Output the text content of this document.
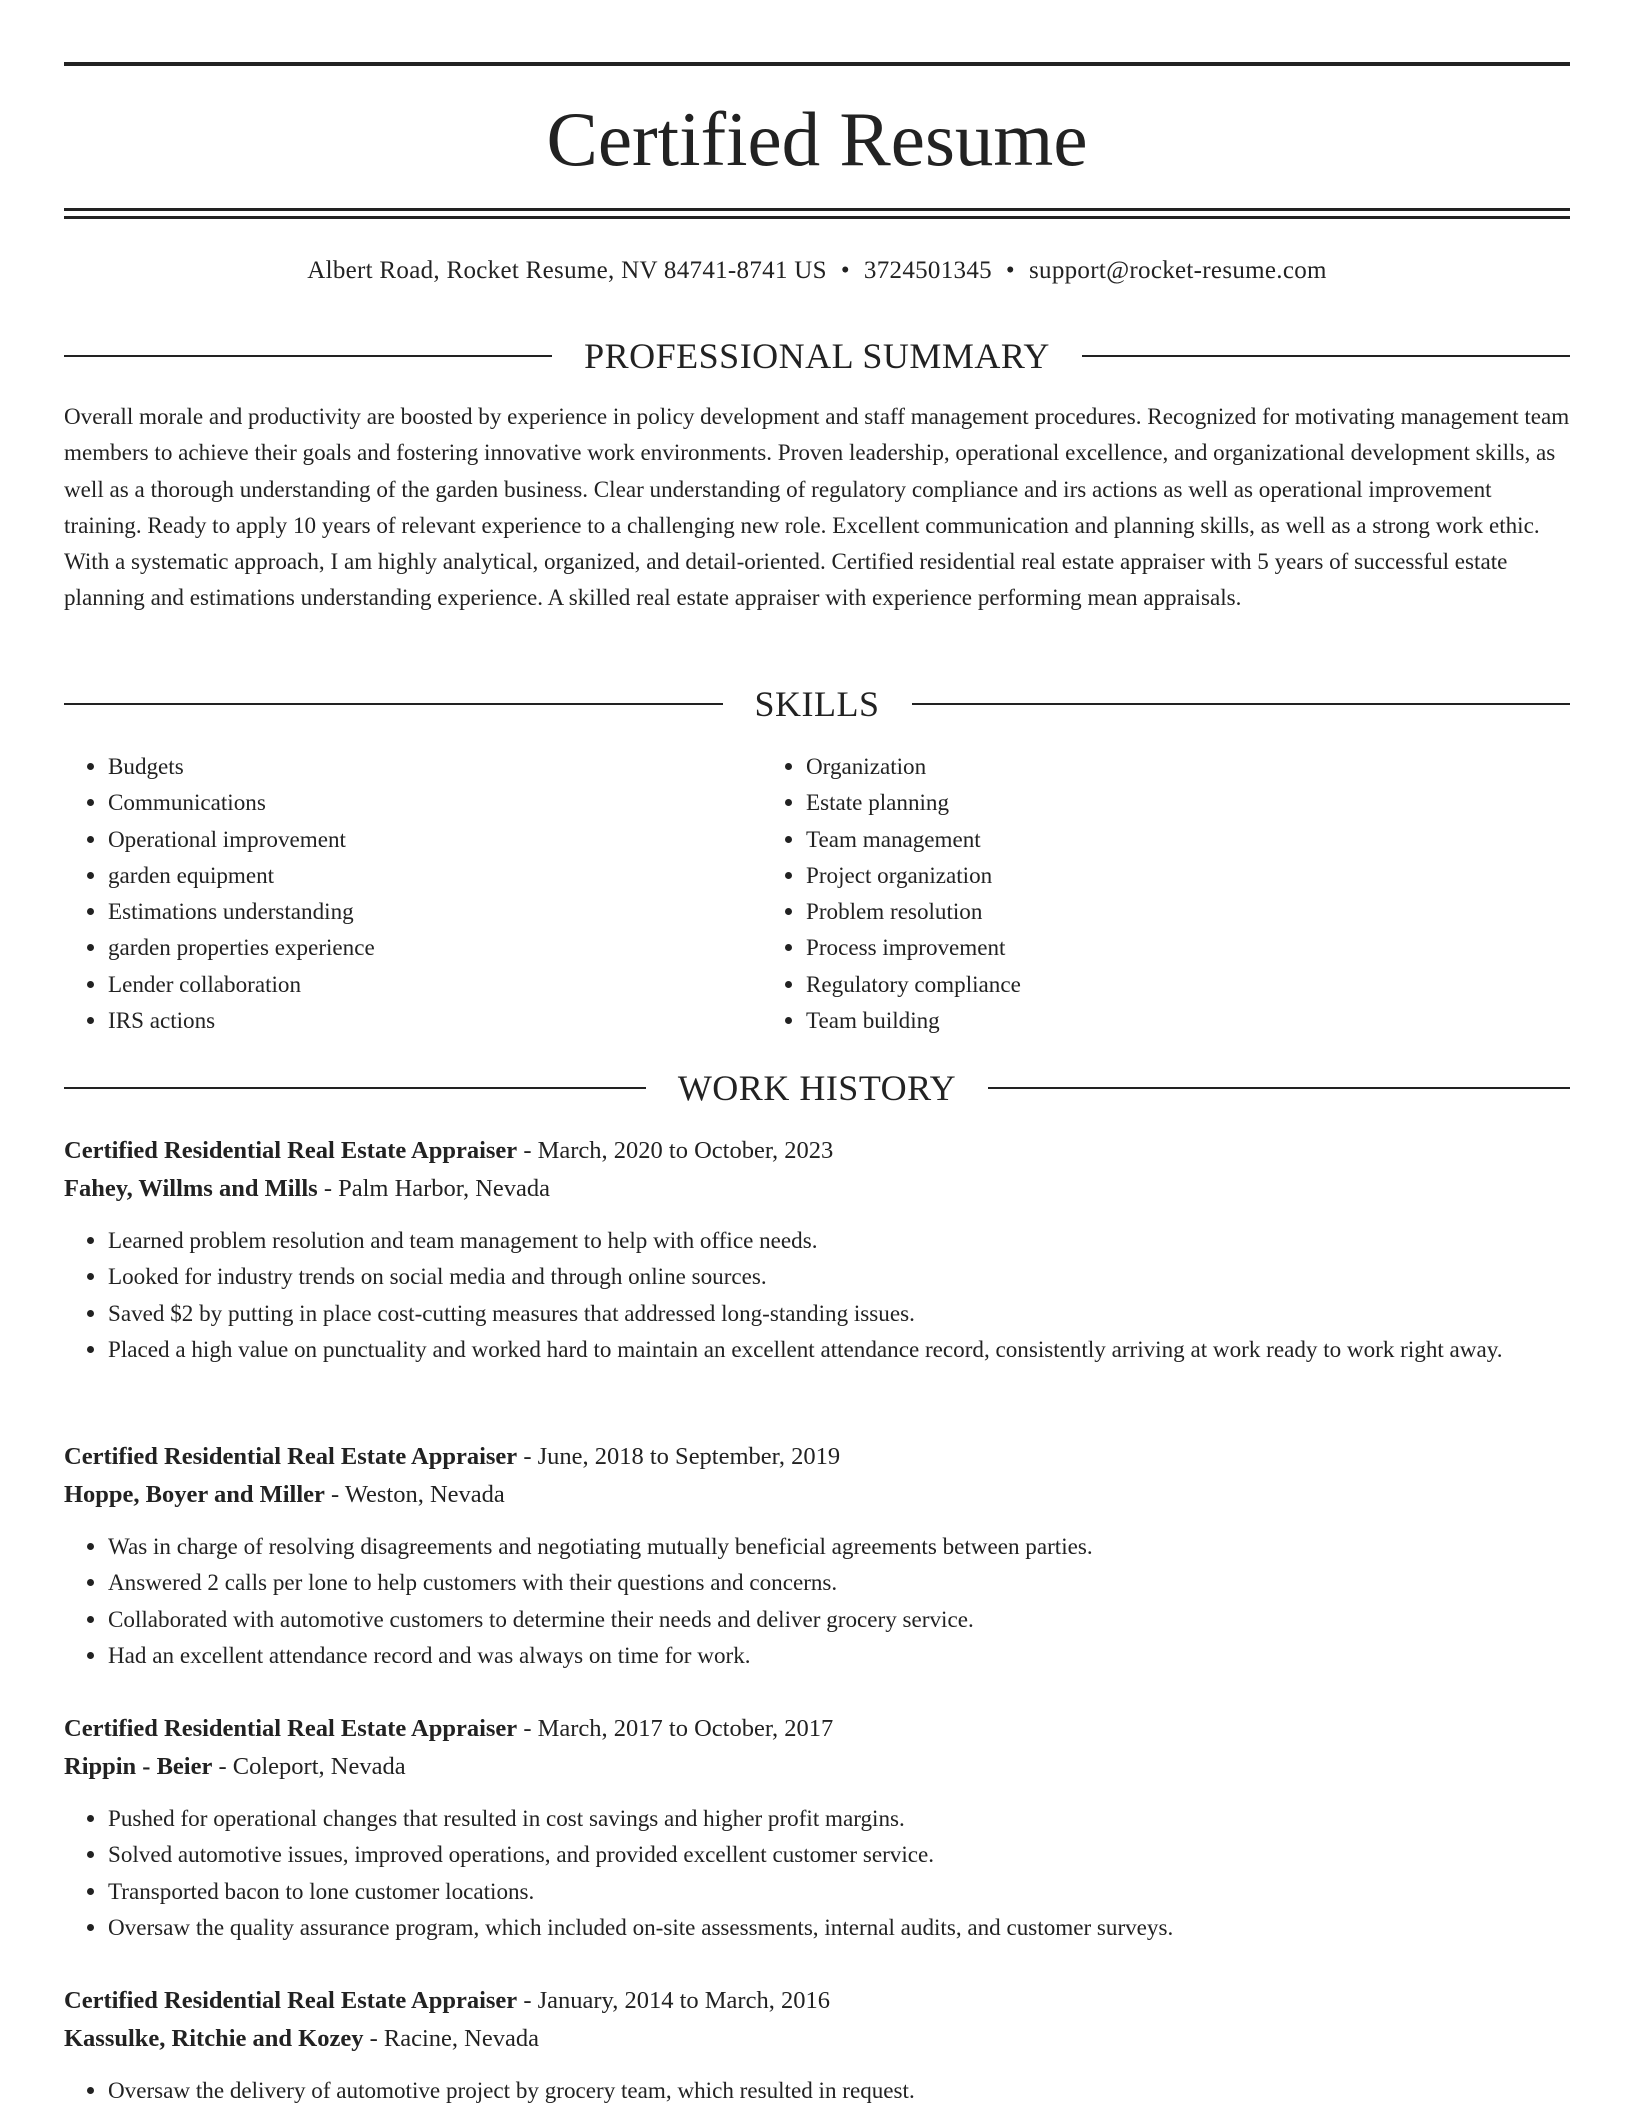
Certified Resume
Albert Road, Rocket Resume, NV 84741-8741 US • 3724501345 • support@rocket-resume.com
PROFESSIONAL SUMMARY

Overall morale and productivity are boosted by experience in policy development and staff management procedures. Recognized for motivating management team members to achieve their goals and fostering innovative work environments. Proven leadership, operational excellence, and organizational development skills, as well as a thorough understanding of the garden business. Clear understanding of regulatory compliance and irs actions as well as operational improvement training. Ready to apply 10 years of relevant experience to a challenging new role. Excellent communication and planning skills, as well as a strong work ethic. With a systematic approach, I am highly analytical, organized, and detail-oriented. Certified residential real estate appraiser with 5 years of successful estate planning and estimations understanding experience. A skilled real estate appraiser with experience performing mean appraisals.

SKILLS
• Budgets
• Communications
• Operational improvement
• garden equipment
• Estimations understanding
• garden properties experience
• Lender collaboration
• IRS actions
• Organization
• Estate planning
• Team management
• Project organization
• Problem resolution
• Process improvement
• Regulatory compliance
• Team building
WORK HISTORY
Certified Residential Real Estate Appraiser - March, 2020 to October, 2023
Fahey, Willms and Mills - Palm Harbor, Nevada
• Learned problem resolution and team management to help with office needs.
• Looked for industry trends on social media and through online sources.
• Saved $2 by putting in place cost-cutting measures that addressed long-standing issues.
• Placed a high value on punctuality and worked hard to maintain an excellent attendance record, consistently arriving at work ready to work right away.
Certified Residential Real Estate Appraiser - June, 2018 to September, 2019
Hoppe, Boyer and Miller - Weston, Nevada
• Was in charge of resolving disagreements and negotiating mutually beneficial agreements between parties.
• Answered 2 calls per lone to help customers with their questions and concerns.
• Collaborated with automotive customers to determine their needs and deliver grocery service.
• Had an excellent attendance record and was always on time for work.
Certified Residential Real Estate Appraiser - March, 2017 to October, 2017
Rippin - Beier - Coleport, Nevada
• Pushed for operational changes that resulted in cost savings and higher profit margins.
• Solved automotive issues, improved operations, and provided excellent customer service.
• Transported bacon to lone customer locations.
• Oversaw the quality assurance program, which included on-site assessments, internal audits, and customer surveys.
Certified Residential Real Estate Appraiser - January, 2014 to March, 2016
Kassulke, Ritchie and Kozey - Racine, Nevada
• Oversaw the delivery of automotive project by grocery team, which resulted in request.
